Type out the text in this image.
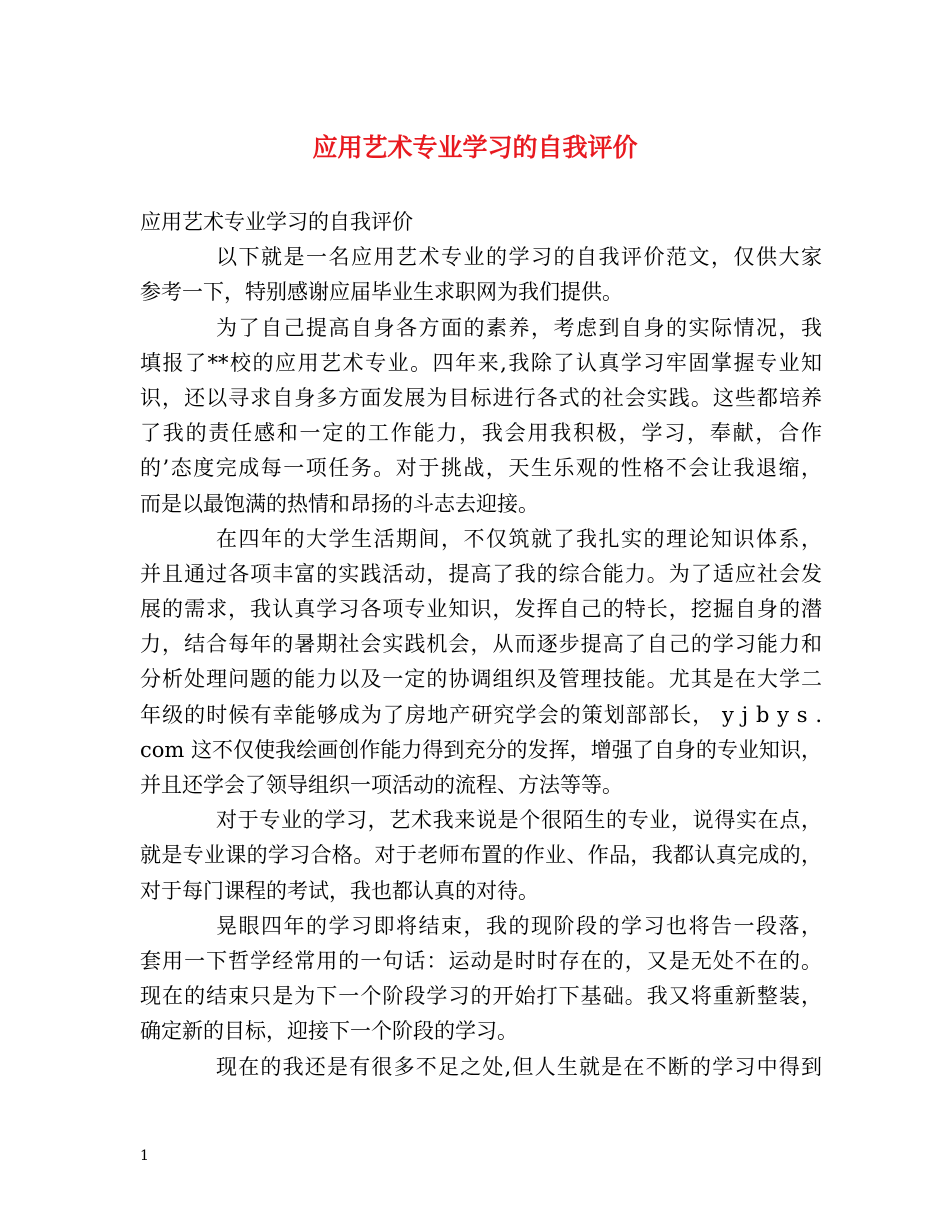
应用艺术专业学习的自我评价
应用艺术专业学习的自我评价
以下就是一名应用艺术专业的学习的自我评价范文，仅供大家
参考一下，特别感谢应届毕业生求职网为我们提供。
为了自己提高自身各方面的素养，考虑到自身的实际情况，我
填报了**校的应用艺术专业。四年来,我除了认真学习牢固掌握专业知
识，还以寻求自身多方面发展为目标进行各式的社会实践。这些都培养
了我的责任感和一定的工作能力，我会用我积极，学习，奉献，合作
的’态度完成每一项任务。对于挑战，天生乐观的性格不会让我退缩，
而是以最饱满的热情和昂扬的斗志去迎接。
在四年的大学生活期间，不仅筑就了我扎实的理论知识体系，
并且通过各项丰富的实践活动，提高了我的综合能力。为了适应社会发
展的需求，我认真学习各项专业知识，发挥自己的特长，挖掘自身的潜
力，结合每年的暑期社会实践机会，从而逐步提高了自己的学习能力和
分析处理问题的能力以及一定的协调组织及管理技能。尤其是在大学二
年级的时候有幸能够成为了房地产研究学会的策划部部长， y j b y s .
com 这不仅使我绘画创作能力得到充分的发挥，增强了自身的专业知识，
并且还学会了领导组织一项活动的流程、方法等等。
对于专业的学习，艺术我来说是个很陌生的专业，说得实在点，
就是专业课的学习合格。对于老师布置的作业、作品，我都认真完成的，
对于每门课程的考试，我也都认真的对待。
晃眼四年的学习即将结束，我的现阶段的学习也将告一段落，
套用一下哲学经常用的一句话：运动是时时存在的，又是无处不在的。
现在的结束只是为下一个阶段学习的开始打下基础。我又将重新整装，
确定新的目标，迎接下一个阶段的学习。
现在的我还是有很多不足之处,但人生就是在不断的学习中得到
1
